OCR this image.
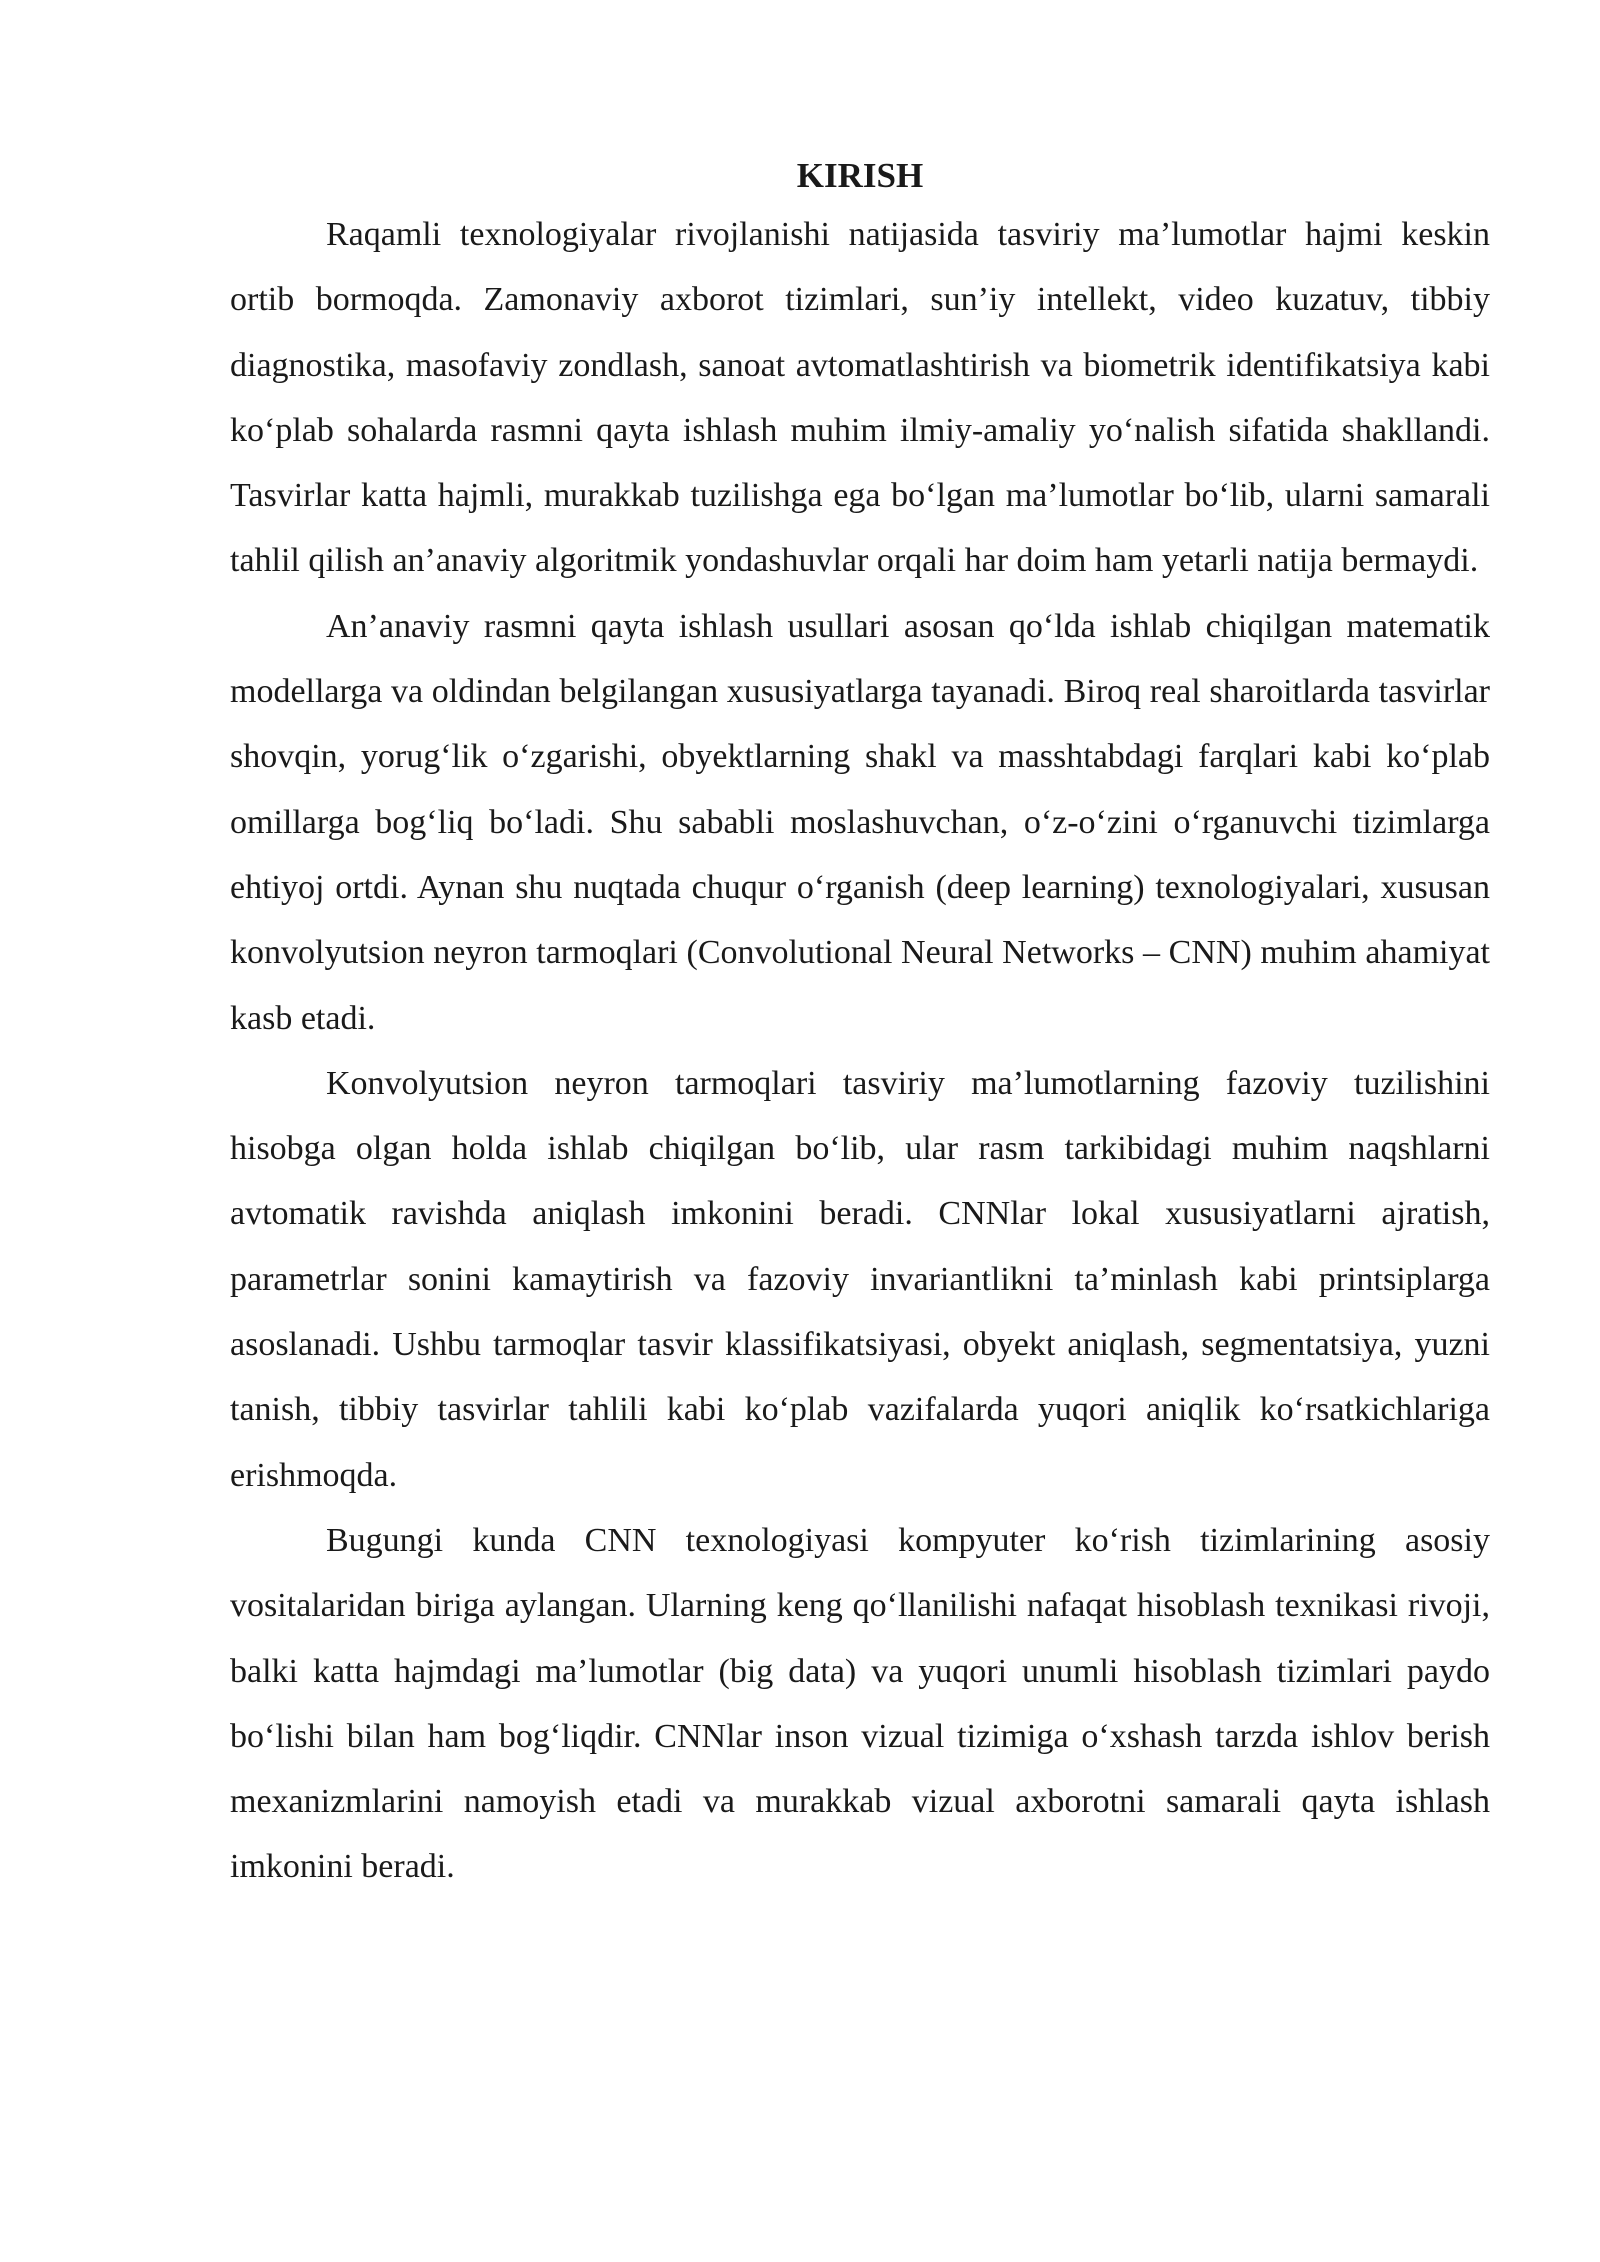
KIRISH

Raqamli texnologiyalar rivojlanishi natijasida tasviriy ma’lumotlar hajmi keskin ortib bormoqda. Zamonaviy axborot tizimlari, sun’iy intellekt, video kuzatuv, tibbiy diagnostika, masofaviy zondlash, sanoat avtomatlashtirish va biometrik identifikatsiya kabi koʻplab sohalarda rasmni qayta ishlash muhim ilmiy-amaliy yoʻnalish sifatida shakllandi. Tasvirlar katta hajmli, murakkab tuzilishga ega boʻlgan ma’lumotlar boʻlib, ularni samarali tahlil qilish an’anaviy algoritmik yondashuvlar orqali har doim ham yetarli natija bermaydi.

An’anaviy rasmni qayta ishlash usullari asosan qoʻlda ishlab chiqilgan matematik modellarga va oldindan belgilangan xususiyatlarga tayanadi. Biroq real sharoitlarda tasvirlar shovqin, yorugʻlik oʻzgarishi, obyektlarning shakl va masshtabdagi farqlari kabi koʻplab omillarga bogʻliq boʻladi. Shu sababli moslashuvchan, oʻz-oʻzini oʻrganuvchi tizimlarga ehtiyoj ortdi. Aynan shu nuqtada chuqur oʻrganish (deep learning) texnologiyalari, xususan konvolyutsion neyron tarmoqlari (Convolutional Neural Networks – CNN) muhim ahamiyat kasb etadi.

Konvolyutsion neyron tarmoqlari tasviriy ma’lumotlarning fazoviy tuzilishini hisobga olgan holda ishlab chiqilgan boʻlib, ular rasm tarkibidagi muhim naqshlarni avtomatik ravishda aniqlash imkonini beradi. CNNlar lokal xususiyatlarni ajratish, parametrlar sonini kamaytirish va fazoviy invariantlikni ta’minlash kabi printsiplarga asoslanadi. Ushbu tarmoqlar tasvir klassifikatsiyasi, obyekt aniqlash, segmentatsiya, yuzni tanish, tibbiy tasvirlar tahlili kabi koʻplab vazifalarda yuqori aniqlik koʻrsatkichlariga erishmoqda.

Bugungi kunda CNN texnologiyasi kompyuter koʻrish tizimlarining asosiy vositalaridan biriga aylangan. Ularning keng qoʻllanilishi nafaqat hisoblash texnikasi rivoji, balki katta hajmdagi ma’lumotlar (big data) va yuqori unumli hisoblash tizimlari paydo boʻlishi bilan ham bogʻliqdir. CNNlar inson vizual tizimiga oʻxshash tarzda ishlov berish mexanizmlarini namoyish etadi va murakkab vizual axborotni samarali qayta ishlash imkonini beradi.
